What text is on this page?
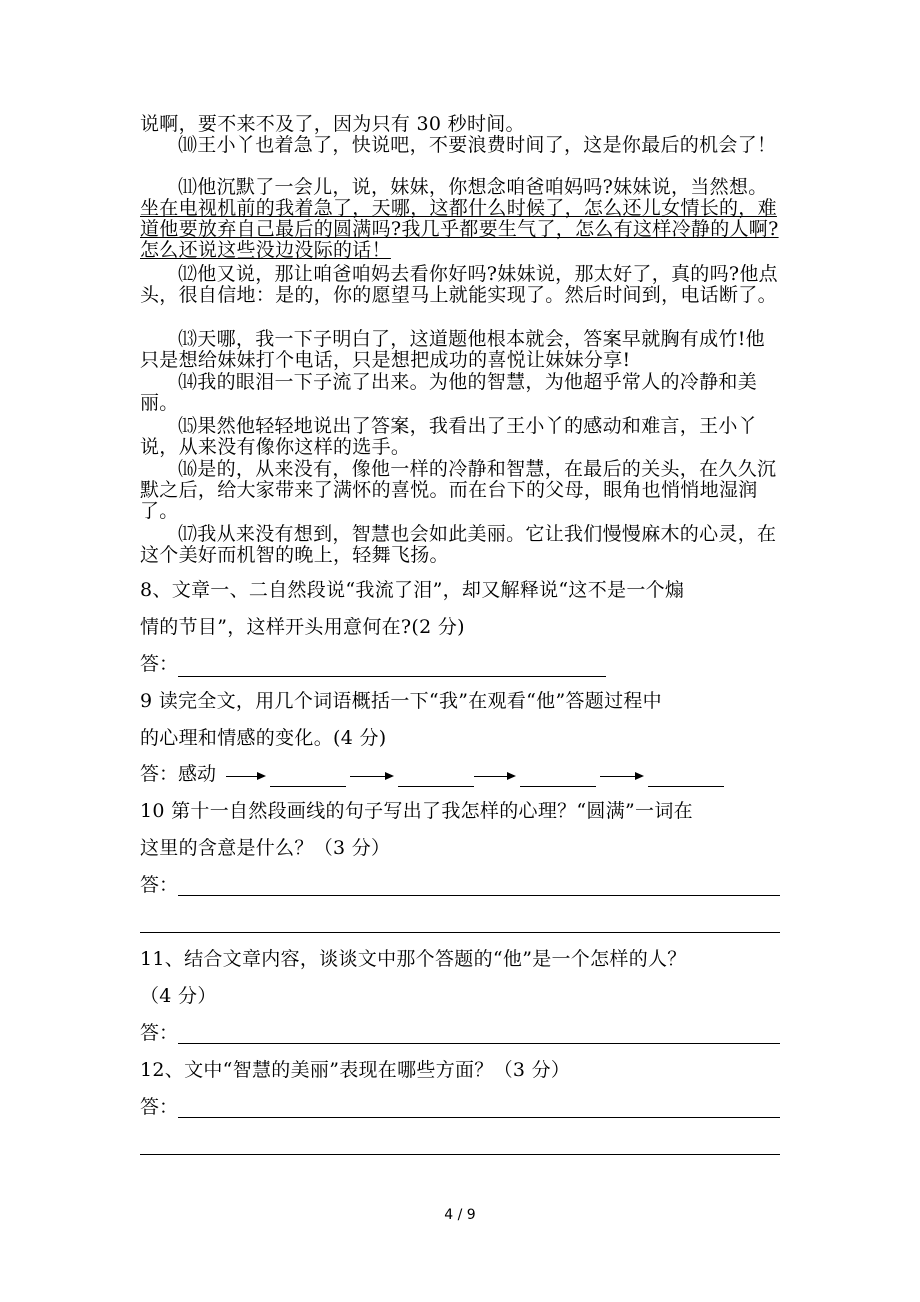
说啊，要不来不及了，因为只有 30 秒时间。
⑽王小丫也着急了，快说吧，不要浪费时间了，这是你最后的机会了！
⑾他沉默了一会儿，说，妹妹，你想念咱爸咱妈吗?妹妹说，当然想。坐在电视机前的我着急了，天哪，这都什么时候了，怎么还儿女情长的，难道他要放弃自己最后的圆满吗?我几乎都要生气了，怎么有这样冷静的人啊?怎么还说这些没边没际的话！
⑿他又说，那让咱爸咱妈去看你好吗?妹妹说，那太好了，真的吗?他点头，很自信地：是的，你的愿望马上就能实现了。然后时间到，电话断了。
⒀天哪，我一下子明白了，这道题他根本就会，答案早就胸有成竹!他只是想给妹妹打个电话，只是想把成功的喜悦让妹妹分享!
⒁我的眼泪一下子流了出来。为他的智慧，为他超乎常人的冷静和美丽。
⒂果然他轻轻地说出了答案，我看出了王小丫的感动和难言，王小丫说，从来没有像你这样的选手。
⒃是的，从来没有，像他一样的冷静和智慧，在最后的关头，在久久沉默之后，给大家带来了满怀的喜悦。而在台下的父母，眼角也悄悄地湿润了。
⒄我从来没有想到，智慧也会如此美丽。它让我们慢慢麻木的心灵，在这个美好而机智的晚上，轻舞飞扬。
8、文章一、二自然段说“我流了泪”，却又解释说“这不是一个煽
情的节目”，这样开头用意何在?(2 分)
答：
9 读完全文，用几个词语概括一下“我”在观看“他”答题过程中
的心理和情感的变化。(4 分)
答：感动
10 第十一自然段画线的句子写出了我怎样的心理？“圆满”一词在
这里的含意是什么？（3 分）
答：
11、结合文章内容，谈谈文中那个答题的“他”是一个怎样的人？
（4 分）
答：
12、文中“智慧的美丽”表现在哪些方面？（3 分）
答：
4 / 9
